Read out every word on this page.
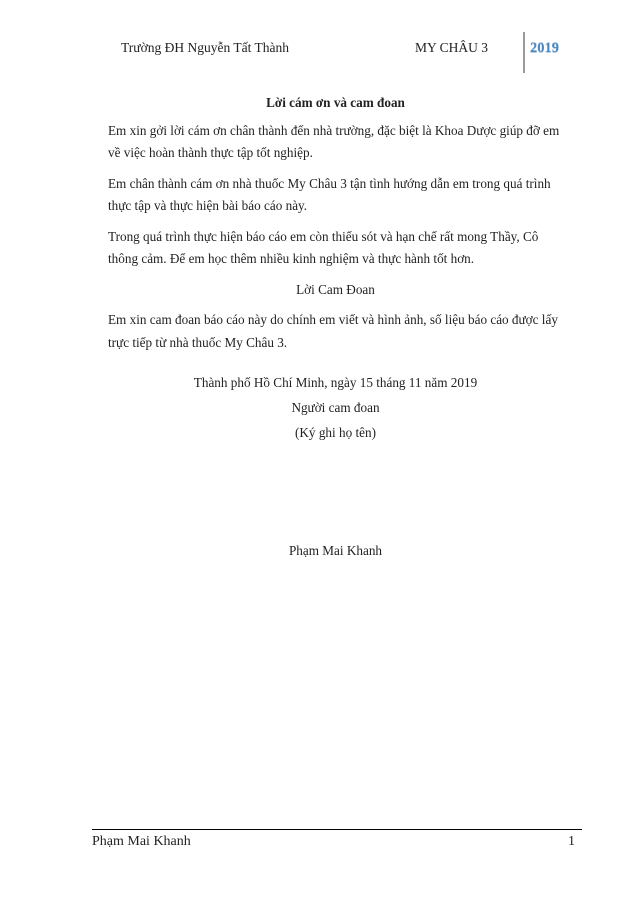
Trường ĐH Nguyễn Tất Thành	MY CHÂU 3	2019
Lời cám ơn và cam đoan

Em xin gởi lời cám ơn chân thành đến nhà trường, đặc biệt là Khoa Dược giúp đỡ em về việc hoàn thành thực tập tốt nghiệp.

Em chân thành cám ơn nhà thuốc My Châu 3 tận tình hướng dẫn em trong quá trình thực tập và thực hiện bài báo cáo này.

Trong quá trình thực hiện báo cáo em còn thiếu sót và hạn chế rất mong Thầy, Cô thông cảm. Để em học thêm nhiều kinh nghiệm và thực hành tốt hơn.

Lời Cam Đoan

Em xin cam đoan báo cáo này do chính em viết và hình ảnh, số liệu báo cáo được lấy trực tiếp từ nhà thuốc My Châu 3.

Thành phố Hồ Chí Minh, ngày 15 tháng 11 năm 2019
Người cam đoan
(Ký ghi họ tên)
Phạm Mai Khanh
Phạm Mai Khanh	1
